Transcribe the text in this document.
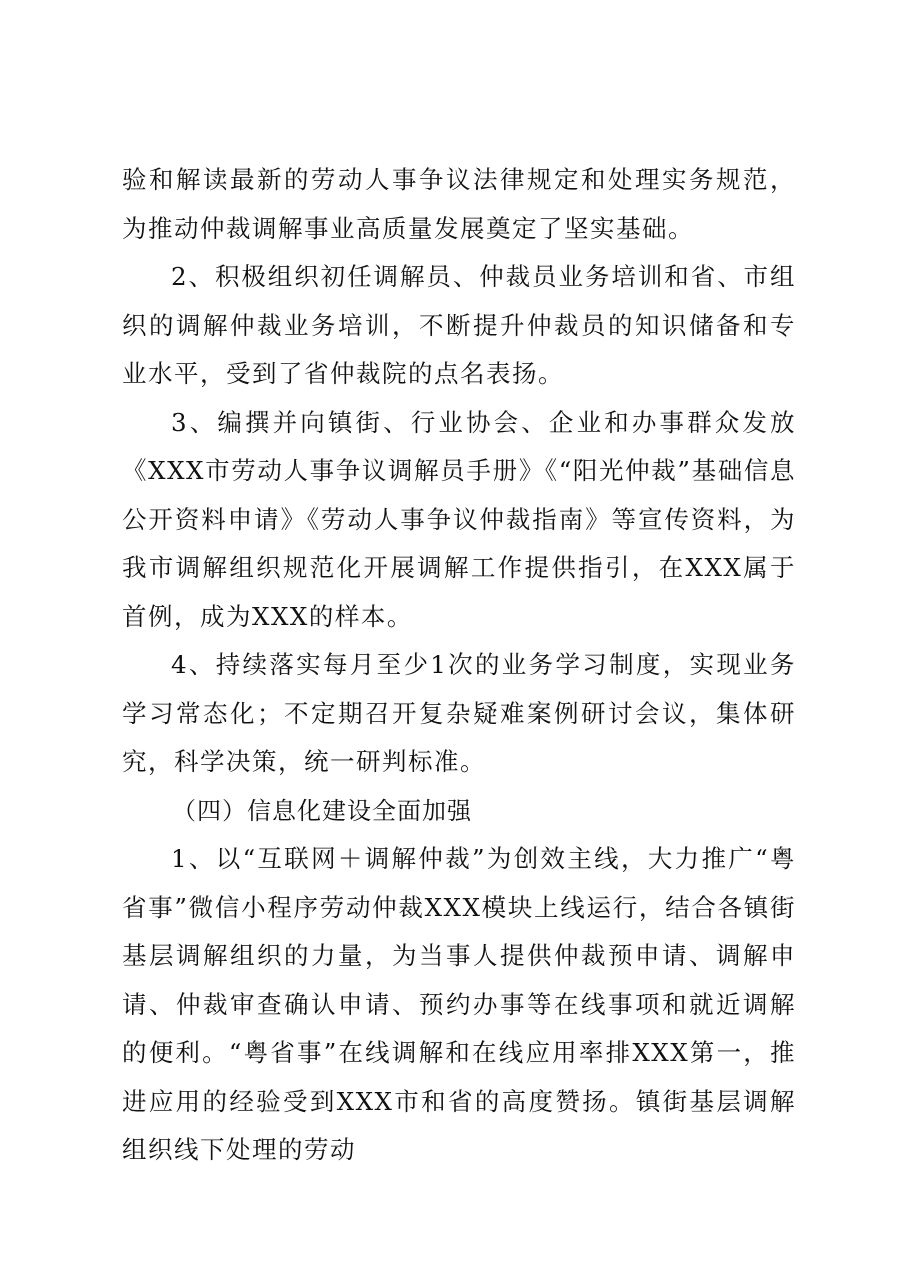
验和解读最新的劳动人事争议法律规定和处理实务规范，为推动仲裁调解事业高质量发展奠定了坚实基础。

2、积极组织初任调解员、仲裁员业务培训和省、市组织的调解仲裁业务培训，不断提升仲裁员的知识储备和专业水平，受到了省仲裁院的点名表扬。

3、编撰并向镇街、行业协会、企业和办事群众发放《XXX市劳动人事争议调解员手册》《“阳光仲裁”基础信息公开资料申请》《劳动人事争议仲裁指南》等宣传资料，为我市调解组织规范化开展调解工作提供指引，在XXX属于首例，成为XXX的样本。

4、持续落实每月至少1次的业务学习制度，实现业务学习常态化；不定期召开复杂疑难案例研讨会议，集体研究，科学决策，统一研判标准。

（四）信息化建设全面加强

1、以“互联网＋调解仲裁”为创效主线，大力推广“粤省事”微信小程序劳动仲裁XXX模块上线运行，结合各镇街基层调解组织的力量，为当事人提供仲裁预申请、调解申请、仲裁审查确认申请、预约办事等在线事项和就近调解的便利。“粤省事”在线调解和在线应用率排XXX第一，推进应用的经验受到XXX市和省的高度赞扬。镇街基层调解组织线下处理的劳动
